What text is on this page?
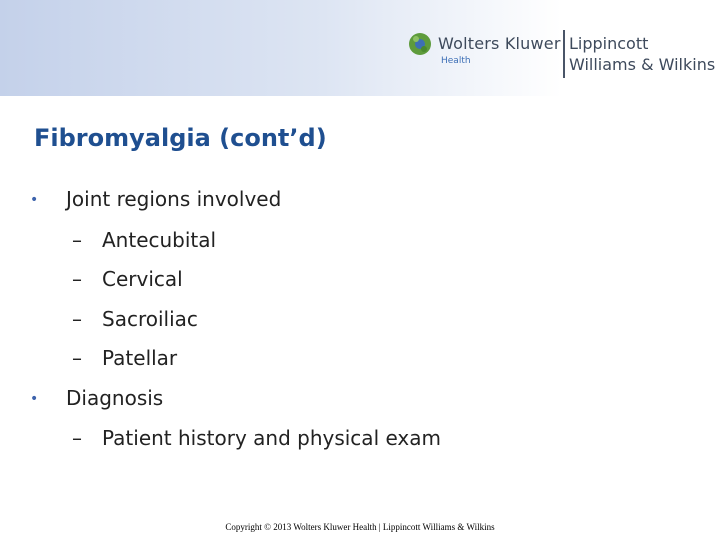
Wolters Kluwer
Health
Lippincott
Williams & Wilkins
Fibromyalgia (cont’d)
• Joint regions involved
– Antecubital
– Cervical
– Sacroiliac
– Patellar
• Diagnosis
– Patient history and physical exam
Copyright © 2013 Wolters Kluwer Health | Lippincott Williams & Wilkins
